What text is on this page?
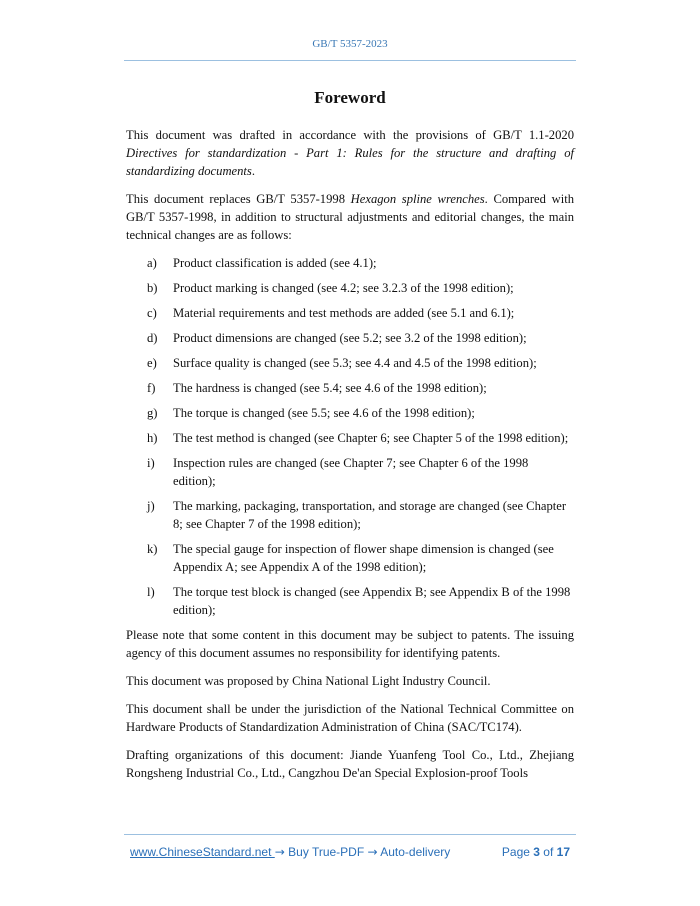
GB/T 5357-2023
Foreword

This document was drafted in accordance with the provisions of GB/T 1.1-2020 Directives for standardization - Part 1: Rules for the structure and drafting of standardizing documents.

This document replaces GB/T 5357-1998 Hexagon spline wrenches. Compared with GB/T 5357-1998, in addition to structural adjustments and editorial changes, the main technical changes are as follows:

a)	Product classification is added (see 4.1);
b)	Product marking is changed (see 4.2; see 3.2.3 of the 1998 edition);
c)	Material requirements and test methods are added (see 5.1 and 6.1);
d)	Product dimensions are changed (see 5.2; see 3.2 of the 1998 edition);
e)	Surface quality is changed (see 5.3; see 4.4 and 4.5 of the 1998 edition);
f)	The hardness is changed (see 5.4; see 4.6 of the 1998 edition);
g)	The torque is changed (see 5.5; see 4.6 of the 1998 edition);
h)	The test method is changed (see Chapter 6; see Chapter 5 of the 1998 edition);
i)	Inspection rules are changed (see Chapter 7; see Chapter 6 of the 1998 edition);
j)	The marking, packaging, transportation, and storage are changed (see Chapter 8; see Chapter 7 of the 1998 edition);
k)	The special gauge for inspection of flower shape dimension is changed (see Appendix A; see Appendix A of the 1998 edition);
l)	The torque test block is changed (see Appendix B; see Appendix B of the 1998 edition);

Please note that some content in this document may be subject to patents. The issuing agency of this document assumes no responsibility for identifying patents.

This document was proposed by China National Light Industry Council.

This document shall be under the jurisdiction of the National Technical Committee on Hardware Products of Standardization Administration of China (SAC/TC174).

Drafting organizations of this document: Jiande Yuanfeng Tool Co., Ltd., Zhejiang Rongsheng Industrial Co., Ltd., Cangzhou De'an Special Explosion-proof Tools

www.ChineseStandard.net → Buy True-PDF → Auto-delivery	Page 3 of 17
